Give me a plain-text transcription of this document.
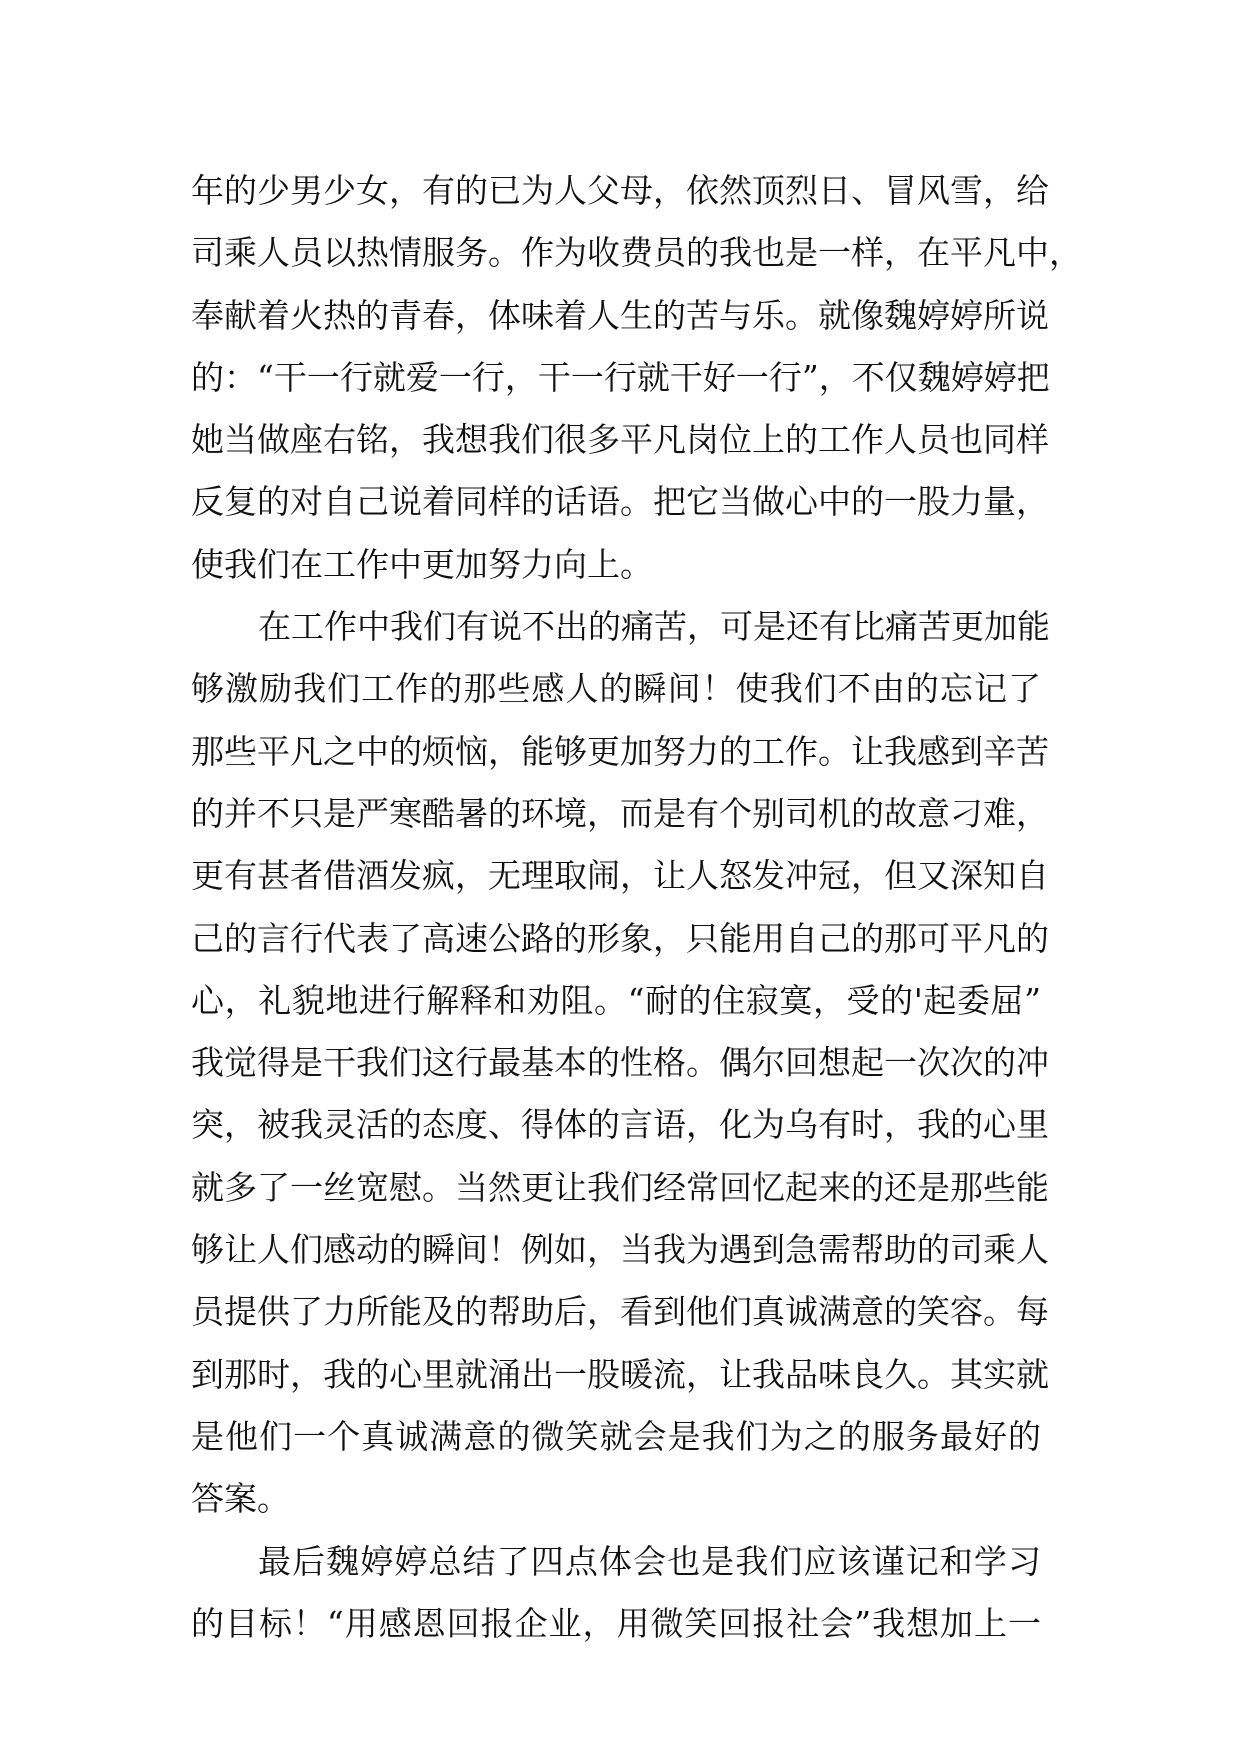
年的少男少女，有的已为人父母，依然顶烈日、冒风雪，给
司乘人员以热情服务。作为收费员的我也是一样，在平凡中，
奉献着火热的青春，体味着人生的苦与乐。就像魏婷婷所说
的：“干一行就爱一行，干一行就干好一行”，不仅魏婷婷把
她当做座右铭，我想我们很多平凡岗位上的工作人员也同样
反复的对自己说着同样的话语。把它当做心中的一股力量，
使我们在工作中更加努力向上。
在工作中我们有说不出的痛苦，可是还有比痛苦更加能
够激励我们工作的那些感人的瞬间！使我们不由的忘记了
那些平凡之中的烦恼，能够更加努力的工作。让我感到辛苦
的并不只是严寒酷暑的环境，而是有个别司机的故意刁难，
更有甚者借酒发疯，无理取闹，让人怒发冲冠，但又深知自
己的言行代表了高速公路的形象，只能用自己的那可平凡的
心，礼貌地进行解释和劝阻。“耐的住寂寞，受的'起委屈”
我觉得是干我们这行最基本的性格。偶尔回想起一次次的冲
突，被我灵活的态度、得体的言语，化为乌有时，我的心里
就多了一丝宽慰。当然更让我们经常回忆起来的还是那些能
够让人们感动的瞬间！例如，当我为遇到急需帮助的司乘人
员提供了力所能及的帮助后，看到他们真诚满意的笑容。每
到那时，我的心里就涌出一股暖流，让我品味良久。其实就
是他们一个真诚满意的微笑就会是我们为之的服务最好的
答案。
最后魏婷婷总结了四点体会也是我们应该谨记和学习
的目标！“用感恩回报企业，用微笑回报社会”我想加上一
